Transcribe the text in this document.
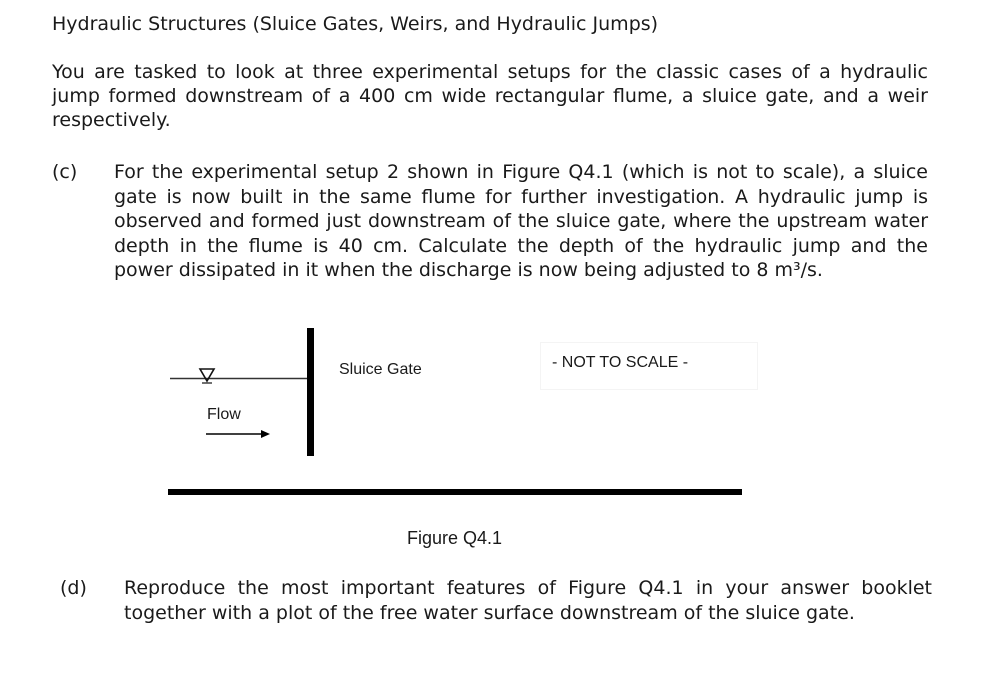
Hydraulic Structures (Sluice Gates, Weirs, and Hydraulic Jumps)
You are tasked to look at three experimental setups for the classic cases of a hydraulic jump formed downstream of a 400 cm wide rectangular flume, a sluice gate, and a weir respectively.
(c) For the experimental setup 2 shown in Figure Q4.1 (which is not to scale), a sluice gate is now built in the same flume for further investigation. A hydraulic jump is observed and formed just downstream of the sluice gate, where the upstream water depth in the flume is 40 cm. Calculate the depth of the hydraulic jump and the power dissipated in it when the discharge is now being adjusted to 8 m³/s.
Sluice Gate	- NOT TO SCALE -
Flow
Figure Q4.1
(d) Reproduce the most important features of Figure Q4.1 in your answer booklet together with a plot of the free water surface downstream of the sluice gate.
